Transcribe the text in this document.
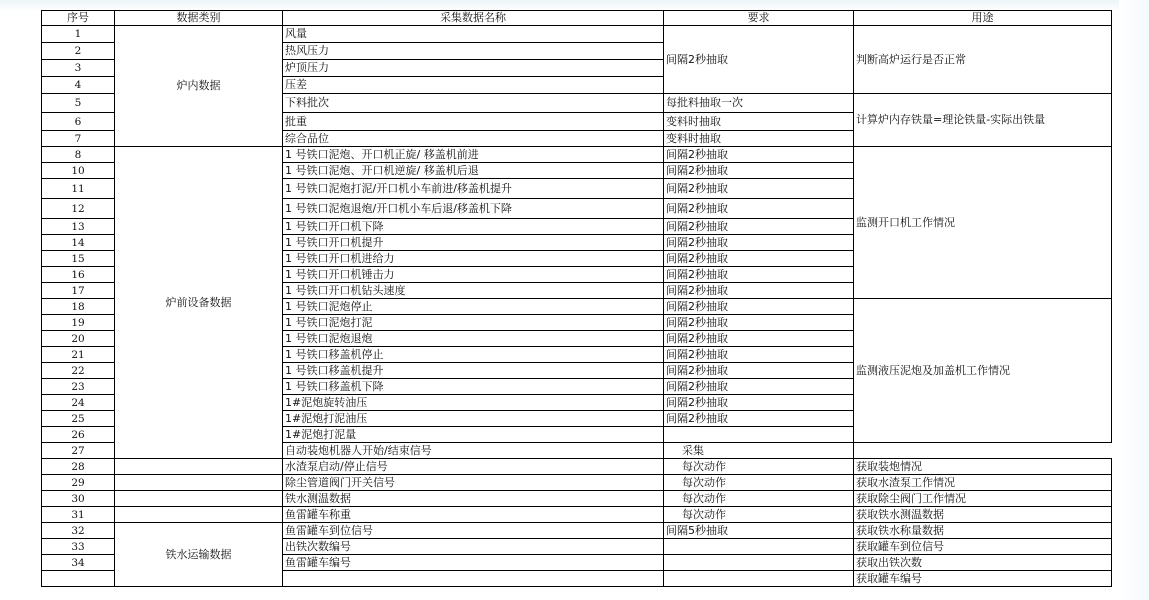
序号	数据类别	采集数据名称	要求	用途
1	炉内数据	风量	间隔2秒抽取	判断高炉运行是否正常
2		热风压力		
3		炉顶压力		
4		压差		
5		下料批次	每批料抽取一次	计算炉内存铁量=理论铁量-实际出铁量
6		批重	变料时抽取	
7		综合品位	变料时抽取	
8	炉前设备数据	1 号铁口泥炮、开口机正旋/ 移盖机前进	间隔2秒抽取	监测开口机工作情况
10		1 号铁口泥炮、开口机逆旋/ 移盖机后退	间隔2秒抽取	
11		1 号铁口泥炮打泥/开口机小车前进/移盖机提升	间隔2秒抽取	
12		1 号铁口泥炮退炮/开口机小车后退/移盖机下降	间隔2秒抽取	
13		1 号铁口开口机下降	间隔2秒抽取	
14		1 号铁口开口机提升	间隔2秒抽取	
15		1 号铁口开口机进给力	间隔2秒抽取	
16		1 号铁口开口机锤击力	间隔2秒抽取	
17		1 号铁口开口机钻头速度	间隔2秒抽取	
18		1 号铁口泥炮停止	间隔2秒抽取	监测液压泥炮及加盖机工作情况
19		1 号铁口泥炮打泥	间隔2秒抽取	
20		1 号铁口泥炮退炮	间隔2秒抽取	
21		1 号铁口移盖机停止	间隔2秒抽取	
22		1 号铁口移盖机提升	间隔2秒抽取	
23		1 号铁口移盖机下降	间隔2秒抽取	
24		1#泥炮旋转油压	间隔2秒抽取	
25		1#泥炮打泥油压	间隔2秒抽取	
26		1#泥炮打泥量		
27		自动装炮机器人开始/结束信号	采集	
28		水渣泵启动/停止信号	每次动作	获取装炮情况
29		除尘管道阀门开关信号	每次动作	获取水渣泵工作情况
30		铁水测温数据	每次动作	获取除尘阀门工作情况
31		鱼雷罐车称重	每次动作	获取铁水测温数据
32	铁水运输数据	鱼雷罐车到位信号	间隔5秒抽取	获取铁水称量数据
33		出铁次数编号		获取罐车到位信号
34		鱼雷罐车编号		获取出铁次数
				获取罐车编号
